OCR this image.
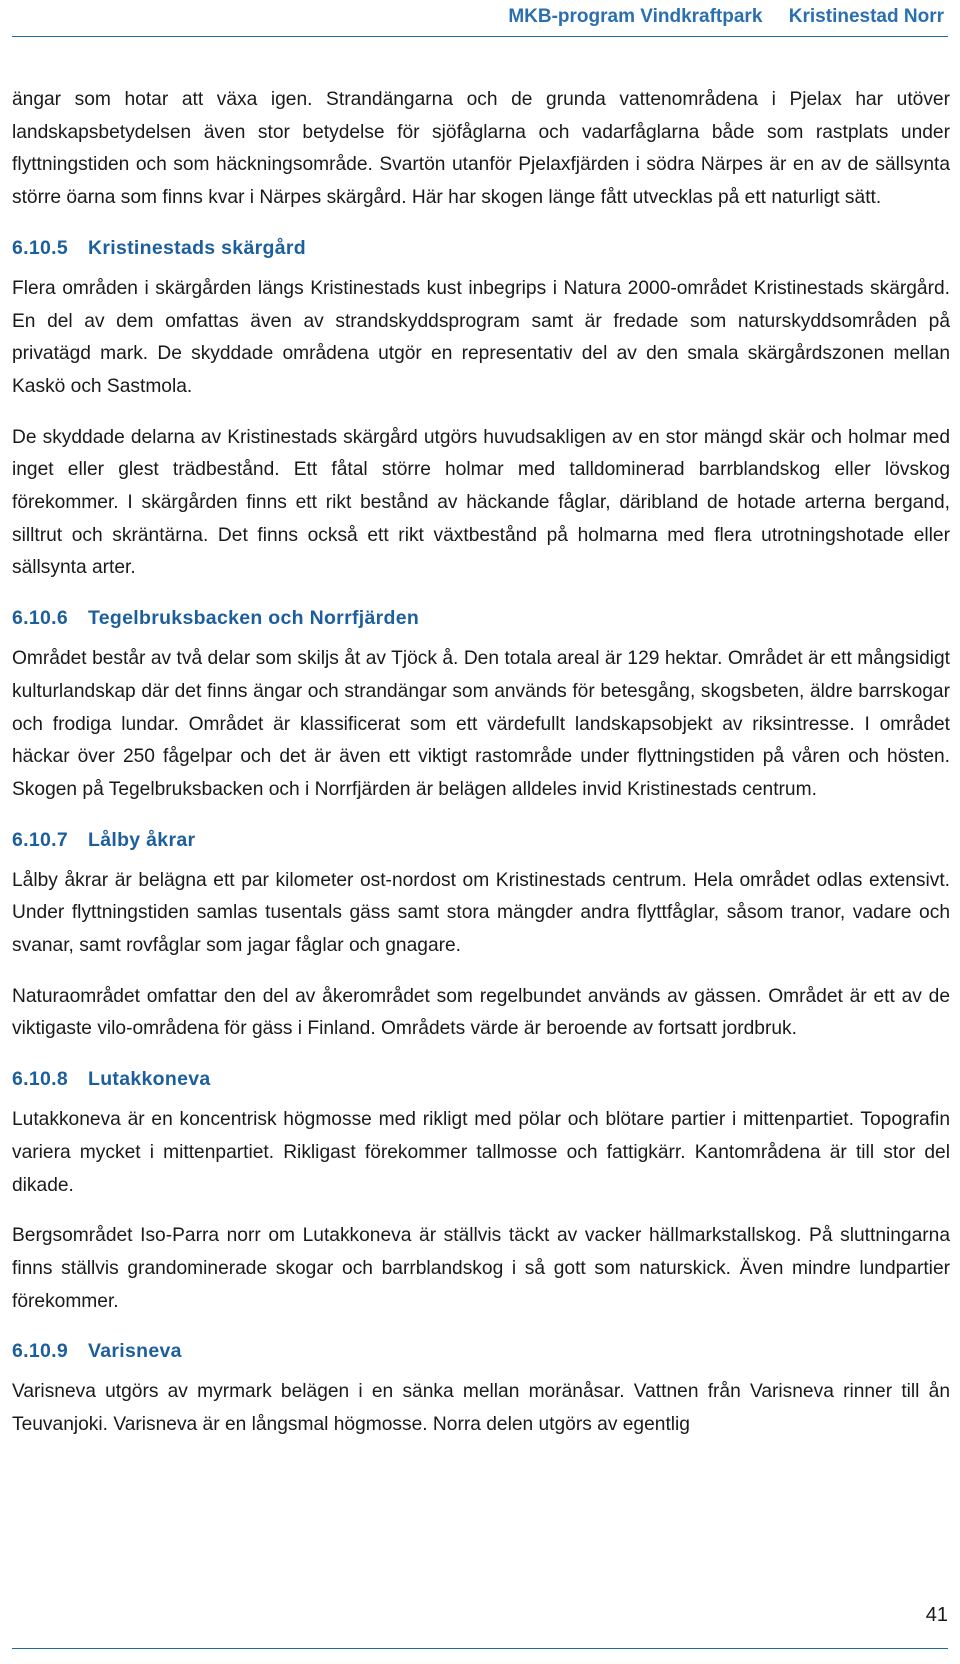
MKB-program Vindkraftpark     Kristinestad Norr

ängar som hotar att växa igen. Strandängarna och de grunda vattenområdena i Pjelax har utöver landskapsbetydelsen även stor betydelse för sjöfåglarna och vadarfåglarna både som rastplats under flyttningstiden och som häckningsområde. Svartön utanför Pjelaxfjärden i södra Närpes är en av de sällsynta större öarna som finns kvar i Närpes skärgård. Här har skogen länge fått utvecklas på ett naturligt sätt.

6.10.5 Kristinestads skärgård

Flera områden i skärgården längs Kristinestads kust inbegrips i Natura 2000-området Kristinestads skärgård. En del av dem omfattas även av strandskyddsprogram samt är fredade som naturskyddsområden på privatägd mark. De skyddade områdena utgör en representativ del av den smala skärgårdszonen mellan Kaskö och Sastmola.

De skyddade delarna av Kristinestads skärgård utgörs huvudsakligen av en stor mängd skär och holmar med inget eller glest trädbestånd. Ett fåtal större holmar med talldominerad barrblandskog eller lövskog förekommer. I skärgården finns ett rikt bestånd av häckande fåglar, däribland de hotade arterna bergand, silltrut och skräntärna. Det finns också ett rikt växtbestånd på holmarna med flera utrotningshotade eller sällsynta arter.

6.10.6 Tegelbruksbacken och Norrfjärden

Området består av två delar som skiljs åt av Tjöck å. Den totala areal är 129 hektar. Området är ett mångsidigt kulturlandskap där det finns ängar och strandängar som används för betesgång, skogsbeten, äldre barrskogar och frodiga lundar. Området är klassificerat som ett värdefullt landskapsobjekt av riksintresse. I området häckar över 250 fågelpar och det är även ett viktigt rastområde under flyttningstiden på våren och hösten. Skogen på Tegelbruksbacken och i Norrfjärden är belägen alldeles invid Kristinestads centrum.

6.10.7 Lålby åkrar

Lålby åkrar är belägna ett par kilometer ost-nordost om Kristinestads centrum. Hela området odlas extensivt. Under flyttningstiden samlas tusentals gäss samt stora mängder andra flyttfåglar, såsom tranor, vadare och svanar, samt rovfåglar som jagar fåglar och gnagare.

Naturaområdet omfattar den del av åkerområdet som regelbundet används av gässen. Området är ett av de viktigaste vilo-områdena för gäss i Finland. Områdets värde är beroende av fortsatt jordbruk.

6.10.8 Lutakkoneva

Lutakkoneva är en koncentrisk högmosse med rikligt med pölar och blötare partier i mittenpartiet. Topografin variera mycket i mittenpartiet. Rikligast förekommer tallmosse och fattigkärr. Kantområdena är till stor del dikade.

Bergsområdet Iso-Parra norr om Lutakkoneva är ställvis täckt av vacker hällmarkstallskog. På sluttningarna finns ställvis grandominerade skogar och barrblandskog i så gott som naturskick. Även mindre lundpartier förekommer.

6.10.9 Varisneva

Varisneva utgörs av myrmark belägen i en sänka mellan moränåsar. Vattnen från Varisneva rinner till ån Teuvanjoki. Varisneva är en långsmal högmosse. Norra delen utgörs av egentlig

41
